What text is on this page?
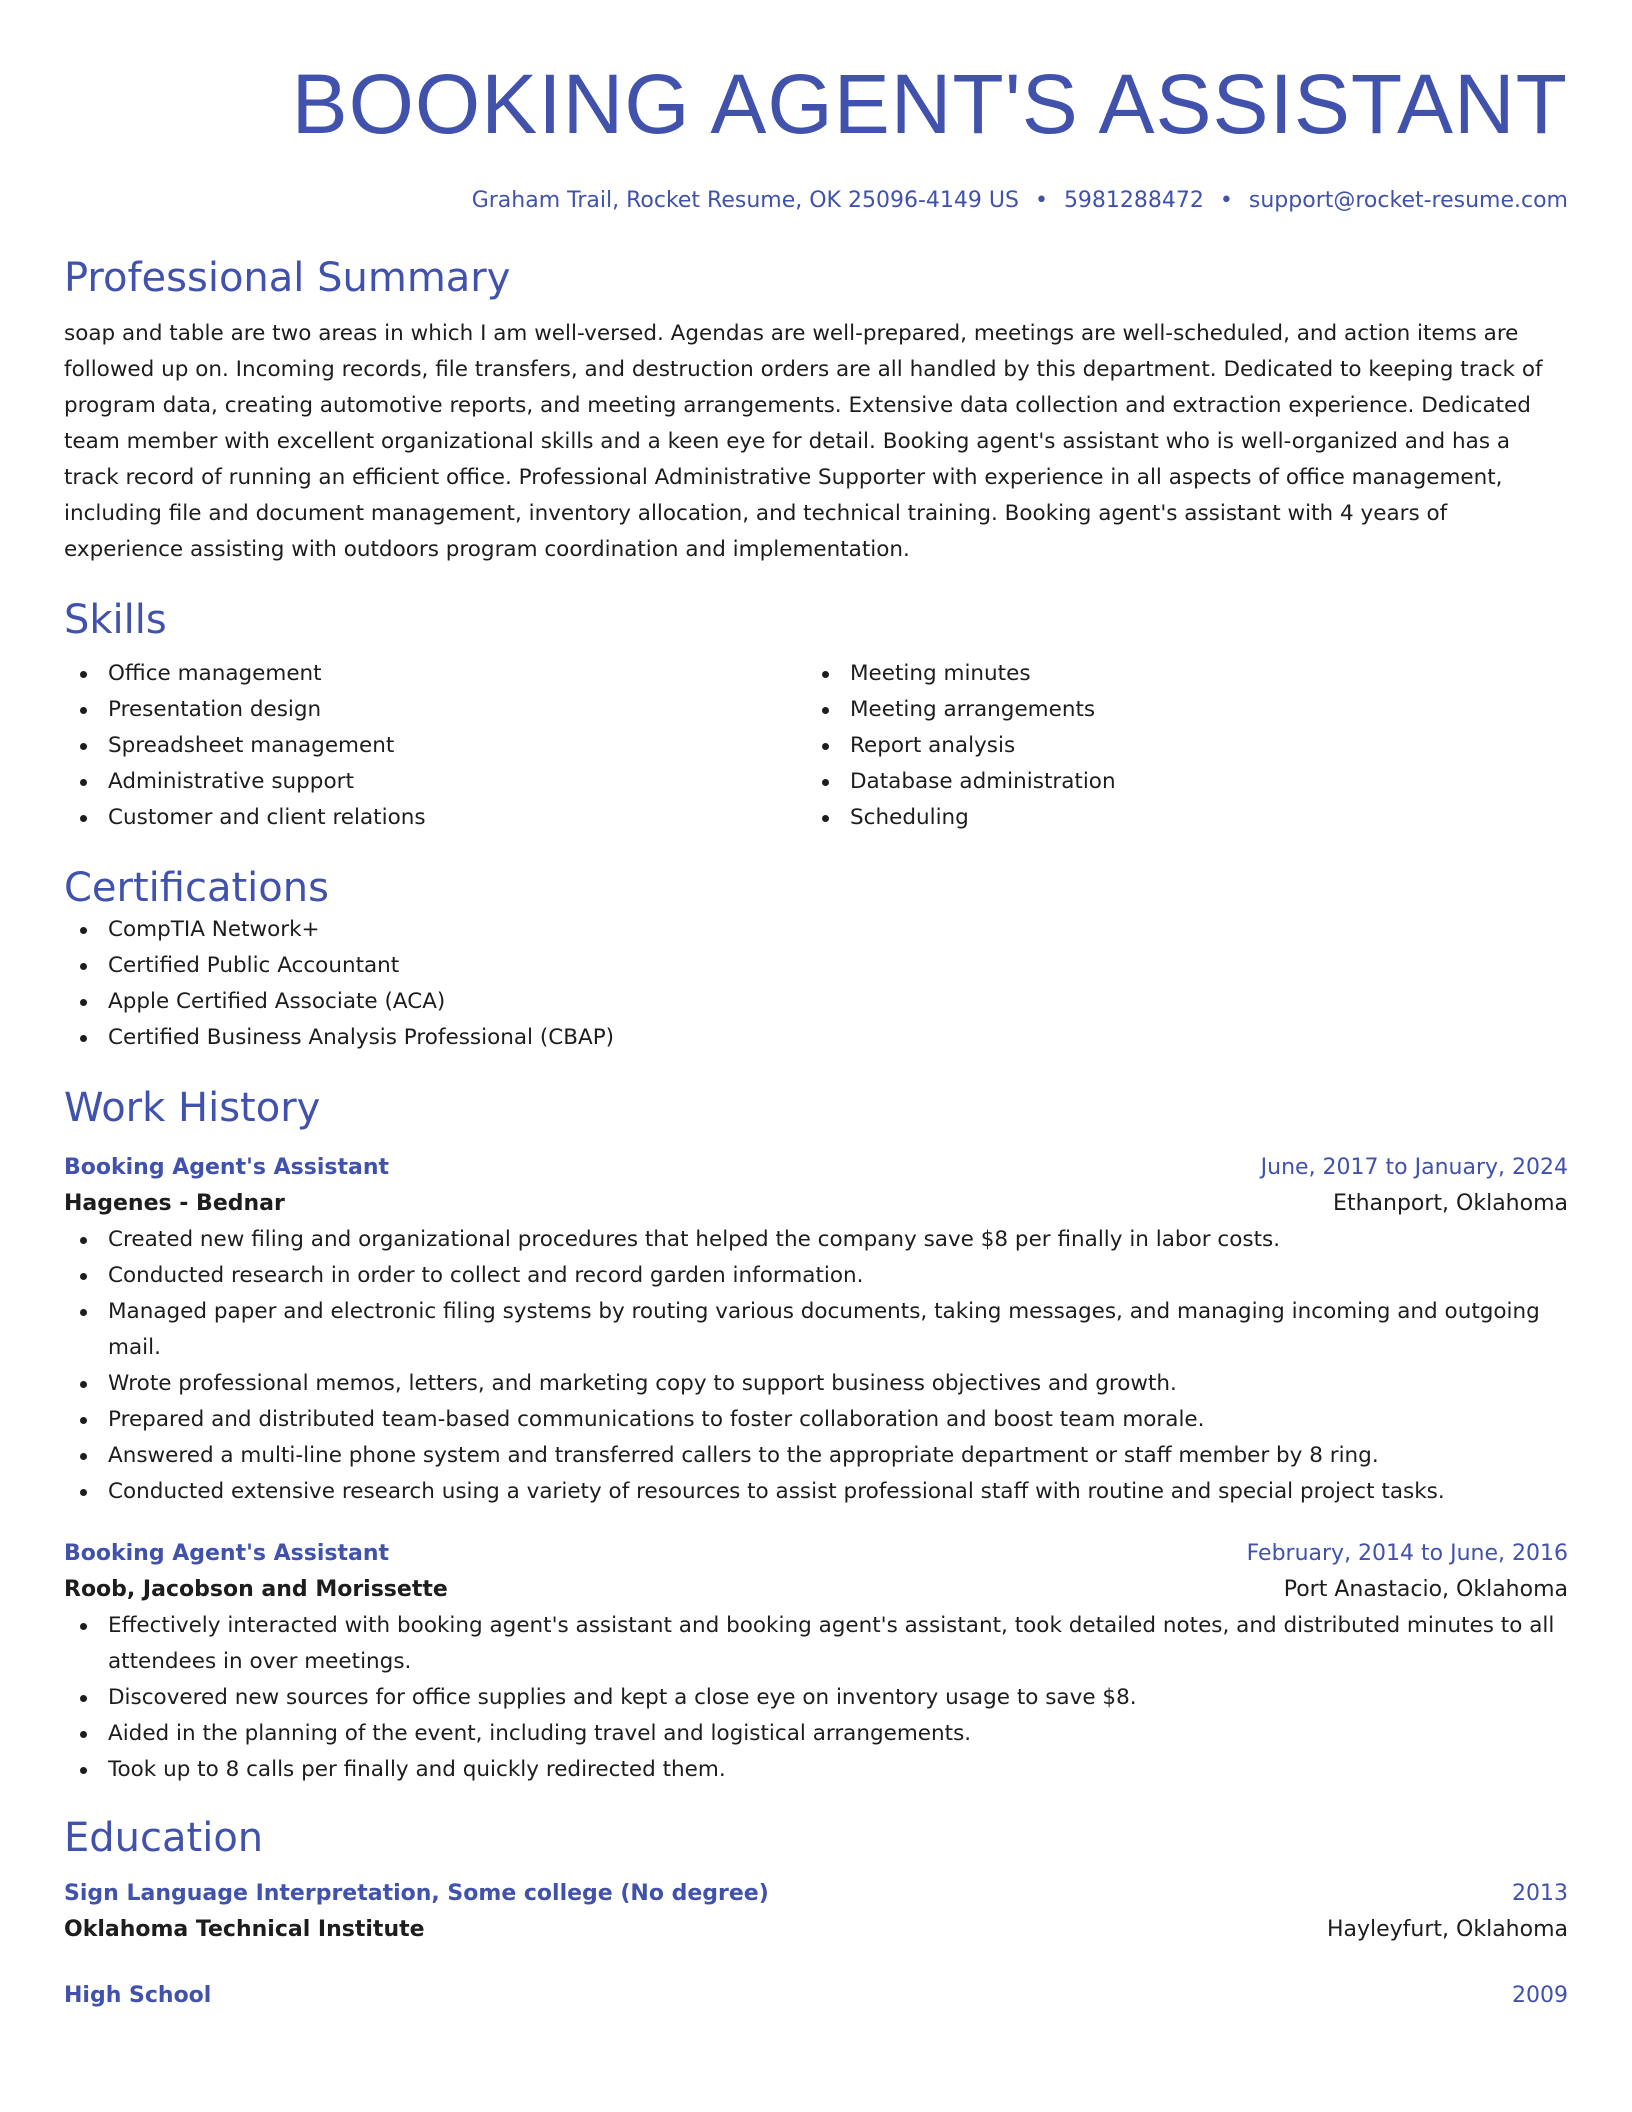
BOOKING AGENT'S ASSISTANT
Graham Trail, Rocket Resume, OK 25096-4149 US • 5981288472 • support@rocket-resume.com
Professional Summary

soap and table are two areas in which I am well-versed. Agendas are well-prepared, meetings are well-scheduled, and action items are followed up on. Incoming records, file transfers, and destruction orders are all handled by this department. Dedicated to keeping track of program data, creating automotive reports, and meeting arrangements. Extensive data collection and extraction experience. Dedicated team member with excellent organizational skills and a keen eye for detail. Booking agent's assistant who is well-organized and has a track record of running an efficient office. Professional Administrative Supporter with experience in all aspects of office management, including file and document management, inventory allocation, and technical training. Booking agent's assistant with 4 years of experience assisting with outdoors program coordination and implementation.

Skills
Office management
Presentation design
Spreadsheet management
Administrative support
Customer and client relations
Meeting minutes
Meeting arrangements
Report analysis
Database administration
Scheduling
Certifications
CompTIA Network+
Certified Public Accountant
Apple Certified Associate (ACA)
Certified Business Analysis Professional (CBAP)
Work History
Booking Agent's Assistant	June, 2017 to January, 2024
Hagenes - Bednar	Ethanport, Oklahoma
Created new filing and organizational procedures that helped the company save $8 per finally in labor costs.
Conducted research in order to collect and record garden information.
Managed paper and electronic filing systems by routing various documents, taking messages, and managing incoming and outgoing mail.
Wrote professional memos, letters, and marketing copy to support business objectives and growth.
Prepared and distributed team-based communications to foster collaboration and boost team morale.
Answered a multi-line phone system and transferred callers to the appropriate department or staff member by 8 ring.
Conducted extensive research using a variety of resources to assist professional staff with routine and special project tasks.
Booking Agent's Assistant	February, 2014 to June, 2016
Roob, Jacobson and Morissette	Port Anastacio, Oklahoma
Effectively interacted with booking agent's assistant and booking agent's assistant, took detailed notes, and distributed minutes to all attendees in over meetings.
Discovered new sources for office supplies and kept a close eye on inventory usage to save $8.
Aided in the planning of the event, including travel and logistical arrangements.
Took up to 8 calls per finally and quickly redirected them.
Education
Sign Language Interpretation, Some college (No degree)	2013
Oklahoma Technical Institute	Hayleyfurt, Oklahoma
High School	2009
